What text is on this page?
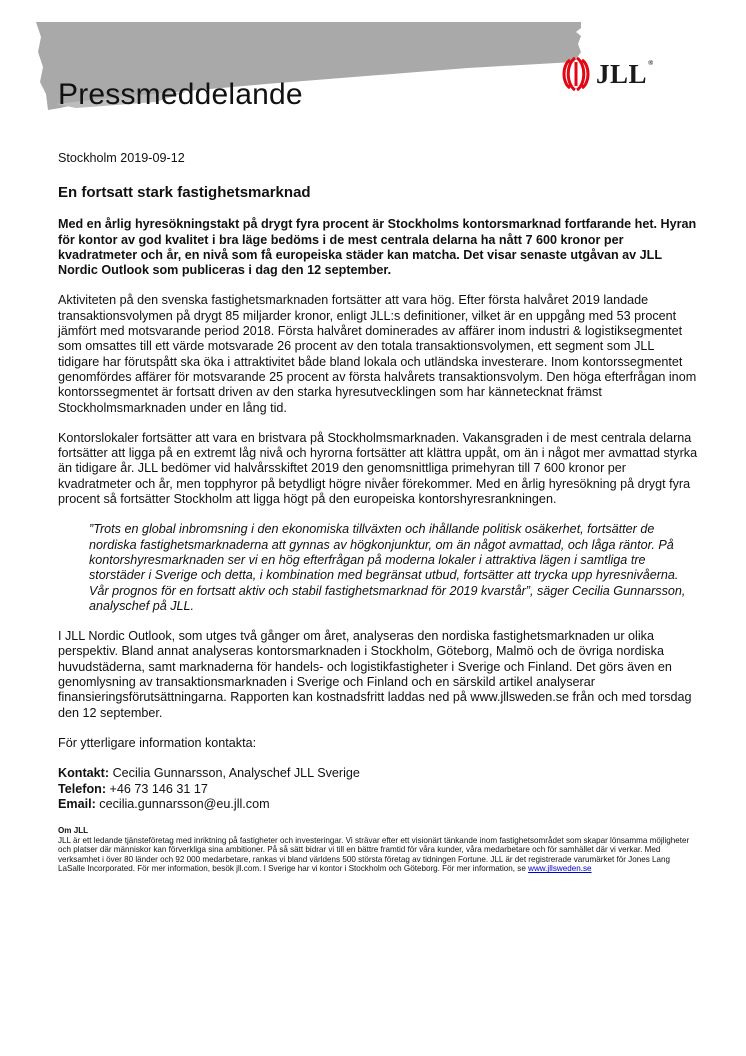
Pressmeddelande
JLL®

Stockholm 2019-09-12

En fortsatt stark fastighetsmarknad

Med en årlig hyresökningstakt på drygt fyra procent är Stockholms kontorsmarknad fortfarande het. Hyran för kontor av god kvalitet i bra läge bedöms i de mest centrala delarna ha nått 7 600 kronor per kvadratmeter och år, en nivå som få europeiska städer kan matcha. Det visar senaste utgåvan av JLL Nordic Outlook som publiceras i dag den 12 september.

Aktiviteten på den svenska fastighetsmarknaden fortsätter att vara hög. Efter första halvåret 2019 landade transaktionsvolymen på drygt 85 miljarder kronor, enligt JLL:s definitioner, vilket är en uppgång med 53 procent jämfört med motsvarande period 2018. Första halvåret dominerades av affärer inom industri & logistiksegmentet som omsattes till ett värde motsvarade 26 procent av den totala transaktionsvolymen, ett segment som JLL tidigare har förutspått ska öka i attraktivitet både bland lokala och utländska investerare. Inom kontorssegmentet genomfördes affärer för motsvarande 25 procent av första halvårets transaktionsvolym. Den höga efterfrågan inom kontorssegmentet är fortsatt driven av den starka hyresutvecklingen som har kännetecknat främst Stockholmsmarknaden under en lång tid.

Kontorslokaler fortsätter att vara en bristvara på Stockholmsmarknaden. Vakansgraden i de mest centrala delarna fortsätter att ligga på en extremt låg nivå och hyrorna fortsätter att klättra uppåt, om än i något mer avmattad styrka än tidigare år. JLL bedömer vid halvårsskiftet 2019 den genomsnittliga primehyran till 7 600 kronor per kvadratmeter och år, men topphyror på betydligt högre nivåer förekommer. Med en årlig hyresökning på drygt fyra procent så fortsätter Stockholm att ligga högt på den europeiska kontorshyresrankningen.

”Trots en global inbromsning i den ekonomiska tillväxten och ihållande politisk osäkerhet, fortsätter de nordiska fastighetsmarknaderna att gynnas av högkonjunktur, om än något avmattad, och låga räntor. På kontorshyresmarknaden ser vi en hög efterfrågan på moderna lokaler i attraktiva lägen i samtliga tre storstäder i Sverige och detta, i kombination med begränsat utbud, fortsätter att trycka upp hyresnivåerna. Vår prognos för en fortsatt aktiv och stabil fastighetsmarknad för 2019 kvarstår”, säger Cecilia Gunnarsson, analyschef på JLL.

I JLL Nordic Outlook, som utges två gånger om året, analyseras den nordiska fastighetsmarknaden ur olika perspektiv. Bland annat analyseras kontorsmarknaden i Stockholm, Göteborg, Malmö och de övriga nordiska huvudstäderna, samt marknaderna för handels- och logistikfastigheter i Sverige och Finland. Det görs även en genomlysning av transaktionsmarknaden i Sverige och Finland och en särskild artikel analyserar finansieringsförutsättningarna. Rapporten kan kostnadsfritt laddas ned på www.jllsweden.se från och med torsdag den 12 september.

För ytterligare information kontakta:

Kontakt: Cecilia Gunnarsson, Analyschef JLL Sverige

Telefon: +46 73 146 31 17

Email: cecilia.gunnarsson@eu.jll.com

Om JLL

JLL är ett ledande tjänsteföretag med inriktning på fastigheter och investeringar. Vi strävar efter ett visionärt tänkande inom fastighetsområdet som skapar lönsamma möjligheter och platser där människor kan förverkliga sina ambitioner. På så sätt bidrar vi till en bättre framtid för våra kunder, våra medarbetare och för samhället där vi verkar. Med verksamhet i över 80 länder och 92 000 medarbetare, rankas vi bland världens 500 största företag av tidningen Fortune. JLL är det registrerade varumärket för Jones Lang LaSalle Incorporated. För mer information, besök jll.com. I Sverige har vi kontor i Stockholm och Göteborg. För mer information, se www.jllsweden.se
